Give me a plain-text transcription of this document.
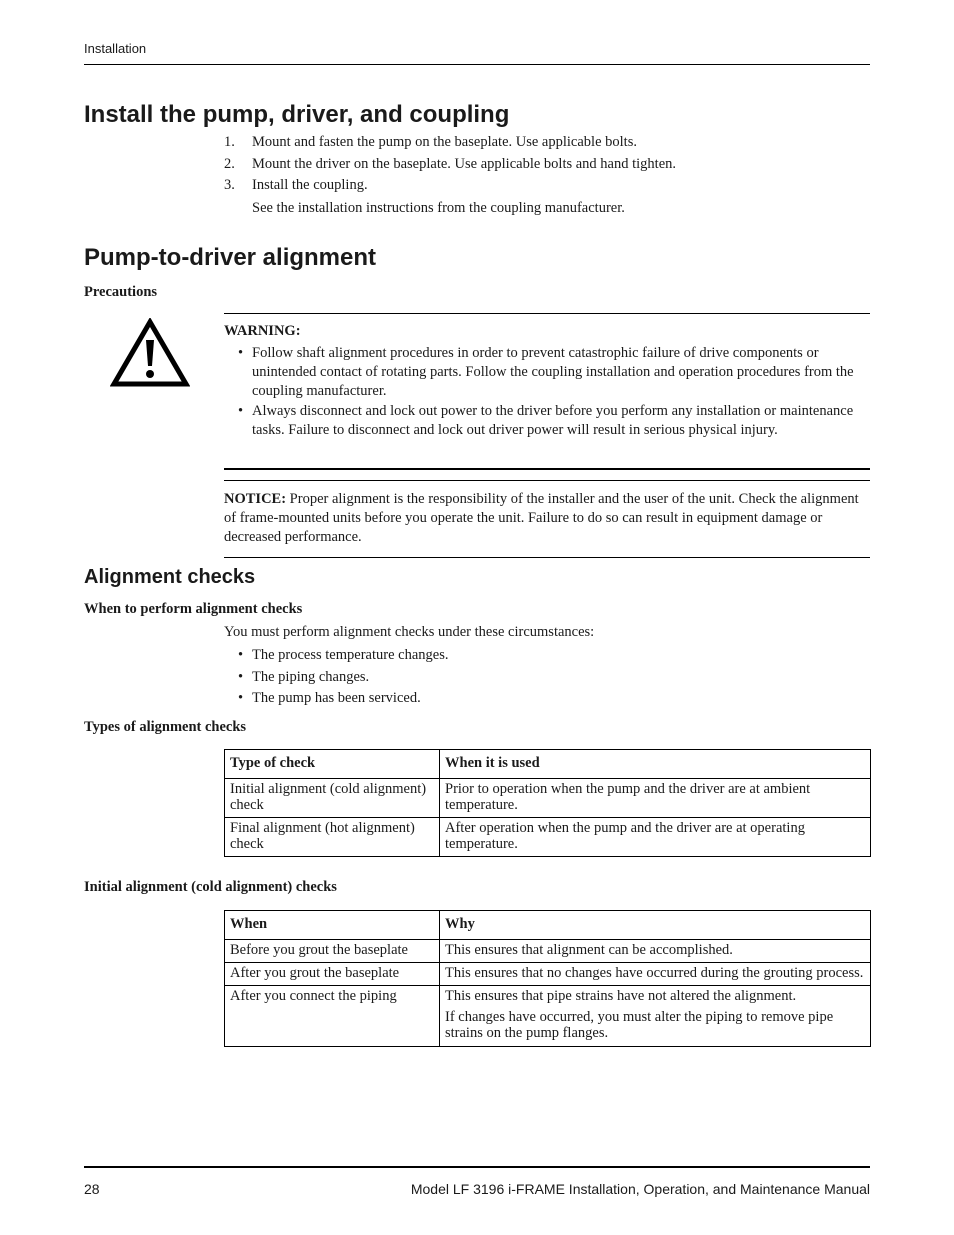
Installation
Install the pump, driver, and coupling
1. Mount and fasten the pump on the baseplate. Use applicable bolts.
2. Mount the driver on the baseplate. Use applicable bolts and hand tighten.
3. Install the coupling.
See the installation instructions from the coupling manufacturer.
Pump-to-driver alignment
Precautions
WARNING:
• Follow shaft alignment procedures in order to prevent catastrophic failure of drive components or unintended contact of rotating parts. Follow the coupling installation and operation procedures from the coupling manufacturer.
• Always disconnect and lock out power to the driver before you perform any installation or maintenance tasks. Failure to disconnect and lock out driver power will result in serious physical injury.
NOTICE: Proper alignment is the responsibility of the installer and the user of the unit. Check the alignment of frame-mounted units before you operate the unit. Failure to do so can result in equipment damage or decreased performance.
Alignment checks
When to perform alignment checks
You must perform alignment checks under these circumstances:
• The process temperature changes.
• The piping changes.
• The pump has been serviced.
Types of alignment checks
Type of check	When it is used
Initial alignment (cold alignment) check	Prior to operation when the pump and the driver are at ambient temperature.
Final alignment (hot alignment) check	After operation when the pump and the driver are at operating temperature.
Initial alignment (cold alignment) checks
When	Why
Before you grout the baseplate	This ensures that alignment can be accomplished.
After you grout the baseplate	This ensures that no changes have occurred during the grouting process.
After you connect the piping	This ensures that pipe strains have not altered the alignment.
If changes have occurred, you must alter the piping to remove pipe strains on the pump flanges.
28	Model LF 3196 i-FRAME Installation, Operation, and Maintenance Manual
